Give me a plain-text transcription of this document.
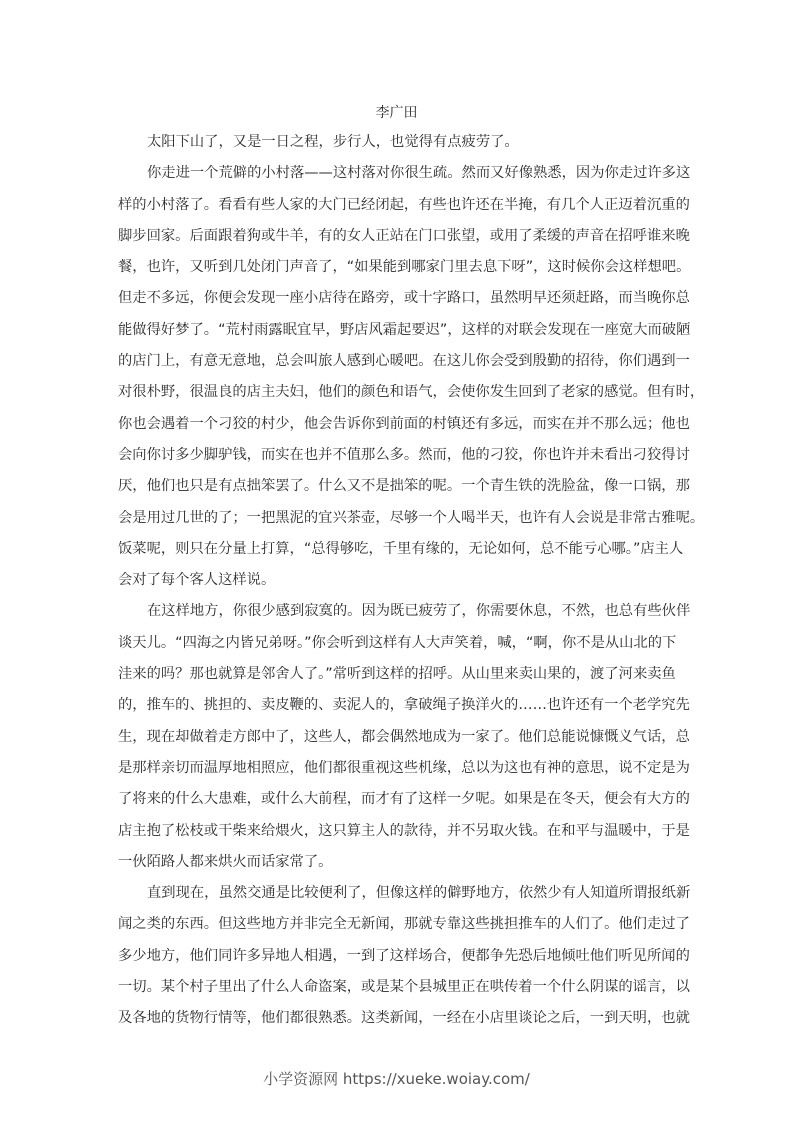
李广田
太阳下山了，又是一日之程，步行人，也觉得有点疲劳了。
你走进一个荒僻的小村落——这村落对你很生疏。然而又好像熟悉，因为你走过许多这
样的小村落了。看看有些人家的大门已经闭起，有些也许还在半掩，有几个人正迈着沉重的
脚步回家。后面跟着狗或牛羊，有的女人正站在门口张望，或用了柔缓的声音在招呼谁来晚
餐，也许，又听到几处闭门声音了，“如果能到哪家门里去息下呀”，这时候你会这样想吧。
但走不多远，你便会发现一座小店待在路旁，或十字路口，虽然明早还须赶路，而当晚你总
能做得好梦了。“荒村雨露眠宜早，野店风霜起要迟”，这样的对联会发现在一座宽大而破陋
的店门上，有意无意地，总会叫旅人感到心暖吧。在这儿你会受到殷勤的招待，你们遇到一
对很朴野，很温良的店主夫妇，他们的颜色和语气，会使你发生回到了老家的感觉。但有时，
你也会遇着一个刁狡的村少，他会告诉你到前面的村镇还有多远，而实在并不那么远；他也
会向你讨多少脚驴钱，而实在也并不值那么多。然而，他的刁狡，你也许并未看出刁狡得讨
厌，他们也只是有点拙笨罢了。什么又不是拙笨的呢。一个青生铁的洗脸盆，像一口锅，那
会是用过几世的了；一把黑泥的宜兴茶壶，尽够一个人喝半天，也许有人会说是非常古雅呢。
饭菜呢，则只在分量上打算，“总得够吃，千里有缘的，无论如何，总不能亏心哪。”店主人
会对了每个客人这样说。
在这样地方，你很少感到寂寞的。因为既已疲劳了，你需要休息，不然，也总有些伙伴
谈天儿。“四海之内皆兄弟呀。”你会听到这样有人大声笑着，喊，“啊，你不是从山北的下
洼来的吗？那也就算是邻舍人了。”常听到这样的招呼。从山里来卖山果的，渡了河来卖鱼
的，推车的、挑担的、卖皮鞭的、卖泥人的，拿破绳子换洋火的……也许还有一个老学究先
生，现在却做着走方郎中了，这些人，都会偶然地成为一家了。他们总能说慷慨义气话，总
是那样亲切而温厚地相照应，他们都很重视这些机缘，总以为这也有神的意思，说不定是为
了将来的什么大患难，或什么大前程，而才有了这样一夕呢。如果是在冬天，便会有大方的
店主抱了松枝或干柴来给煨火，这只算主人的款待，并不另取火钱。在和平与温暖中，于是
一伙陌路人都来烘火而话家常了。
直到现在，虽然交通是比较便利了，但像这样的僻野地方，依然少有人知道所谓报纸新
闻之类的东西。但这些地方并非完全无新闻，那就专靠这些挑担推车的人们了。他们走过了
多少地方，他们同许多异地人相遇，一到了这样场合，便都争先恐后地倾吐他们听见所闻的
一切。某个村子里出了什么人命盗案，或是某个县城里正在哄传着一个什么阴谋的谣言，以
及各地的货物行情等，他们都很熟悉。这类新闻，一经在小店里谈论之后，一到天明，也就
小学资源网 https://xueke.woiay.com/
